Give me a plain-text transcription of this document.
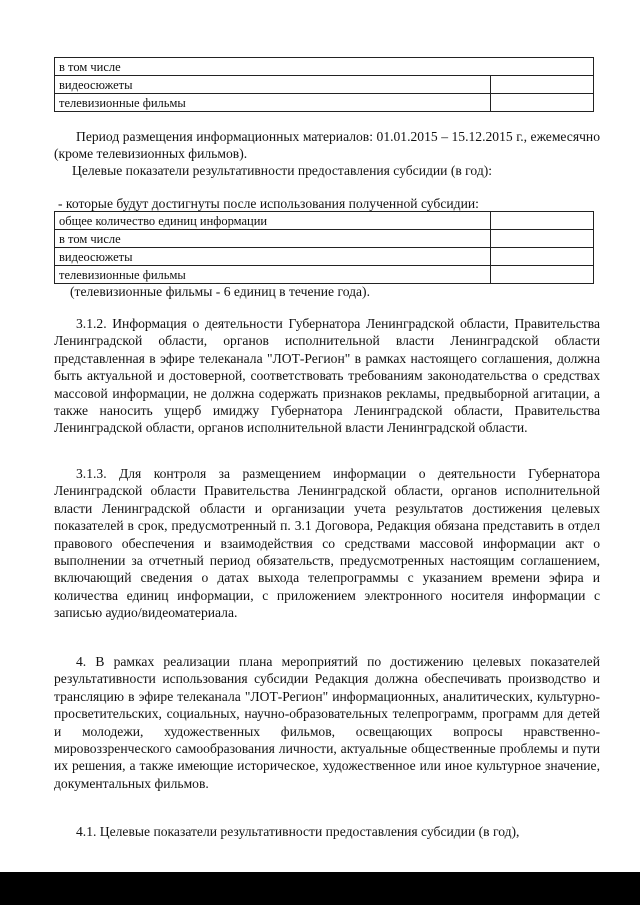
в том числе	
видеосюжеты	
телевизионные фильмы	

Период размещения информационных материалов: 01.01.2015 – 15.12.2015 г., ежемесячно (кроме телевизионных фильмов).

Целевые показатели результативности предоставления субсидии (в год):

- которые будут достигнуты после использования полученной субсидии:

общее количество единиц информации	
в том числе	
видеосюжеты	
телевизионные фильмы	

(телевизионные фильмы - 6 единиц в течение года).

3.1.2. Информация о деятельности Губернатора Ленинградской области, Правительства Ленинградской области, органов исполнительной власти Ленинградской области представленная в эфире телеканала "ЛОТ-Регион" в рамках настоящего соглашения, должна быть актуальной и достоверной, соответствовать требованиям законодательства о средствах массовой информации, не должна содержать признаков рекламы, предвыборной агитации, а также наносить ущерб имиджу Губернатора Ленинградской области, Правительства Ленинградской области, органов исполнительной власти Ленинградской области.

3.1.3. Для контроля за размещением информации о деятельности Губернатора Ленинградской области Правительства Ленинградской области, органов исполнительной власти Ленинградской области и организации учета результатов достижения целевых показателей в срок, предусмотренный п. 3.1 Договора, Редакция обязана представить в отдел правового обеспечения и взаимодействия со средствами массовой информации акт о выполнении за отчетный период обязательств, предусмотренных настоящим соглашением, включающий сведения о датах выхода телепрограммы с указанием времени эфира и количества единиц информации, с приложением электронного носителя информации с записью аудио/видеоматериала.

4. В рамках реализации плана мероприятий по достижению целевых показателей результативности использования субсидии Редакция должна обеспечивать производство и трансляцию в эфире телеканала "ЛОТ-Регион" информационных, аналитических, культурно-просветительских, социальных, научно-образовательных телепрограмм, программ для детей и молодежи, художественных фильмов, освещающих вопросы нравственно-мировоззренческого самообразования личности, актуальные общественные проблемы и пути их решения, а также имеющие историческое, художественное или иное культурное значение, документальных фильмов.

4.1. Целевые показатели результативности предоставления субсидии (в год),
